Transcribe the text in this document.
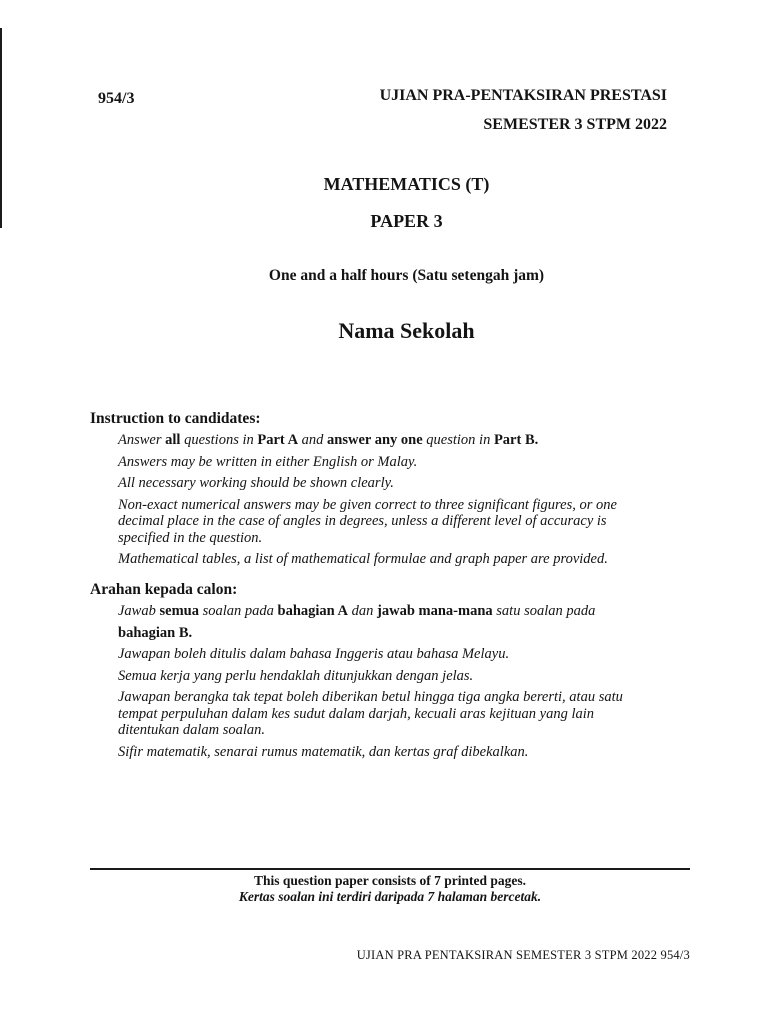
954/3	UJIAN PRA-PENTAKSIRAN PRESTASI
SEMESTER 3 STPM 2022
MATHEMATICS (T)
PAPER 3
One and a half hours (Satu setengah jam)
Nama Sekolah
Instruction to candidates:
Answer all questions in Part A and answer any one question in Part B.
Answers may be written in either English or Malay.
All necessary working should be shown clearly.
Non-exact numerical answers may be given correct to three significant figures, or one
decimal place in the case of angles in degrees, unless a different level of accuracy is
specified in the question.
Mathematical tables, a list of mathematical formulae and graph paper are provided.
Arahan kepada calon:
Jawab semua soalan pada bahagian A dan jawab mana-mana satu soalan pada
bahagian B.
Jawapan boleh ditulis dalam bahasa Inggeris atau bahasa Melayu.
Semua kerja yang perlu hendaklah ditunjukkan dengan jelas.
Jawapan berangka tak tepat boleh diberikan betul hingga tiga angka bererti, atau satu
tempat perpuluhan dalam kes sudut dalam darjah, kecuali aras kejituan yang lain
ditentukan dalam soalan.
Sifir matematik, senarai rumus matematik, dan kertas graf dibekalkan.
This question paper consists of 7 printed pages.
Kertas soalan ini terdiri daripada 7 halaman bercetak.
UJIAN PRA PENTAKSIRAN SEMESTER 3 STPM 2022 954/3
